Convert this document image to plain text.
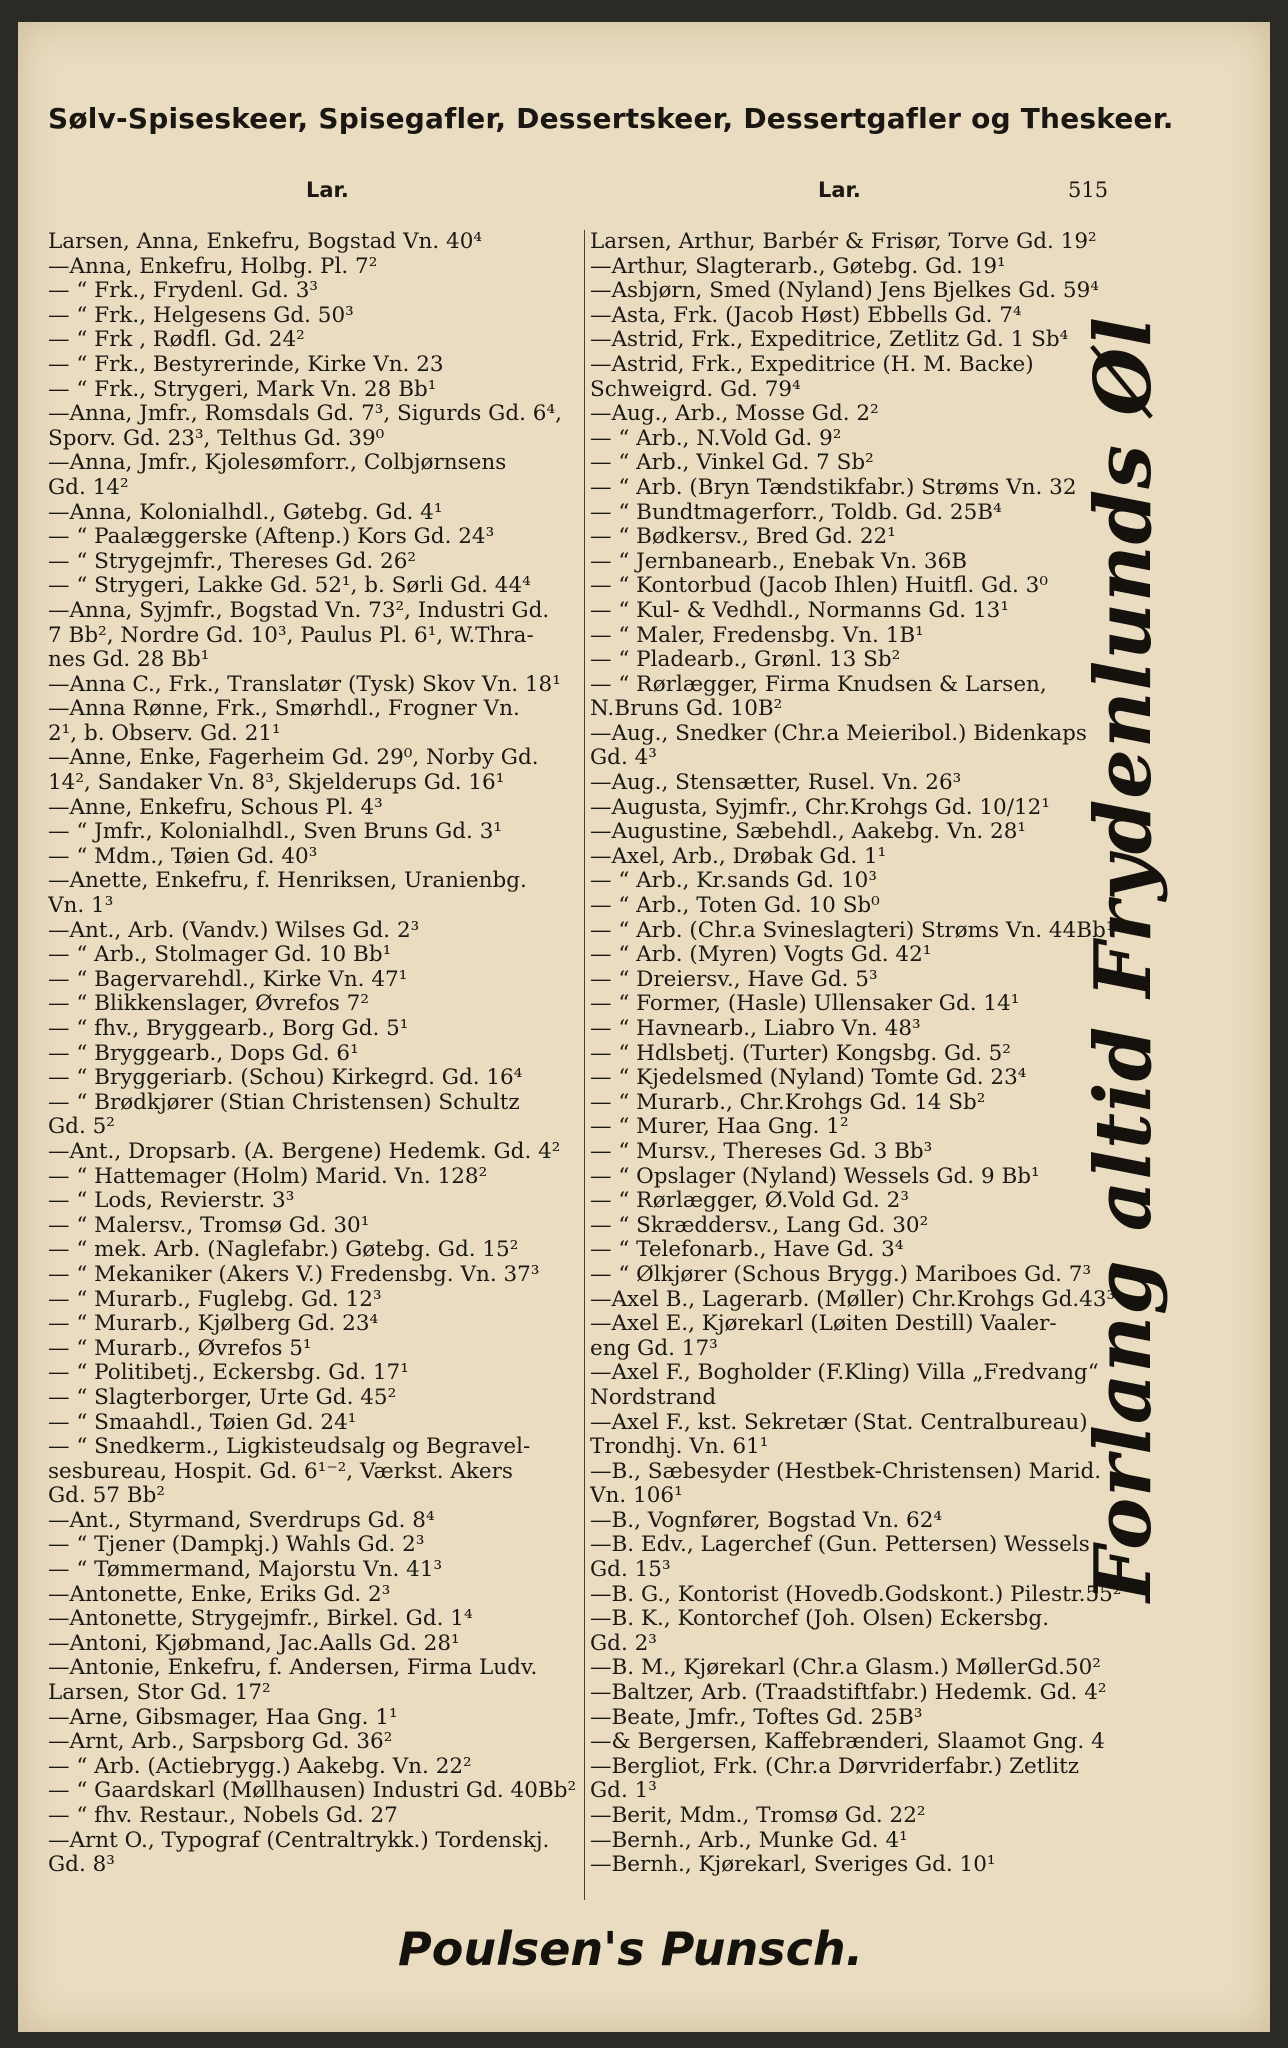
Sølv-Spiseskeer, Spisegafler, Dessertskeer, Dessertgafler og Theskeer.
Lar.	Lar.	515
Larsen, Anna, Enkefru, Bogstad Vn. 40⁴
—Anna, Enkefru, Holbg. Pl. 7²
— “ Frk., Frydenl. Gd. 3³
— “ Frk., Helgesens Gd. 50³
— “ Frk , Rødfl. Gd. 24²
— “ Frk., Bestyrerinde, Kirke Vn. 23
— “ Frk., Strygeri, Mark Vn. 28 Bb¹
—Anna, Jmfr., Romsdals Gd. 7³, Sigurds Gd. 6⁴,
Sporv. Gd. 23³, Telthus Gd. 39⁰
—Anna, Jmfr., Kjolesømforr., Colbjørnsens
Gd. 14²
—Anna, Kolonialhdl., Gøtebg. Gd. 4¹
— “ Paalæggerske (Aftenp.) Kors Gd. 24³
— “ Strygejmfr., Thereses Gd. 26²
— “ Strygeri, Lakke Gd. 52¹, b. Sørli Gd. 44⁴
—Anna, Syjmfr., Bogstad Vn. 73², Industri Gd.
7 Bb², Nordre Gd. 10³, Paulus Pl. 6¹, W.Thra-
nes Gd. 28 Bb¹
—Anna C., Frk., Translatør (Tysk) Skov Vn. 18¹
—Anna Rønne, Frk., Smørhdl., Frogner Vn.
2¹, b. Observ. Gd. 21¹
—Anne, Enke, Fagerheim Gd. 29⁰, Norby Gd.
14², Sandaker Vn. 8³, Skjelderups Gd. 16¹
—Anne, Enkefru, Schous Pl. 4³
— “ Jmfr., Kolonialhdl., Sven Bruns Gd. 3¹
— “ Mdm., Tøien Gd. 40³
—Anette, Enkefru, f. Henriksen, Uranienbg.
Vn. 1³
—Ant., Arb. (Vandv.) Wilses Gd. 2³
— “ Arb., Stolmager Gd. 10 Bb¹
— “ Bagervarehdl., Kirke Vn. 47¹
— “ Blikkenslager, Øvrefos 7²
— “ fhv., Bryggearb., Borg Gd. 5¹
— “ Bryggearb., Dops Gd. 6¹
— “ Bryggeriarb. (Schou) Kirkegrd. Gd. 16⁴
— “ Brødkjører (Stian Christensen) Schultz
Gd. 5²
—Ant., Dropsarb. (A. Bergene) Hedemk. Gd. 4²
— “ Hattemager (Holm) Marid. Vn. 128²
— “ Lods, Revierstr. 3³
— “ Malersv., Tromsø Gd. 30¹
— “ mek. Arb. (Naglefabr.) Gøtebg. Gd. 15²
— “ Mekaniker (Akers V.) Fredensbg. Vn. 37³
— “ Murarb., Fuglebg. Gd. 12³
— “ Murarb., Kjølberg Gd. 23⁴
— “ Murarb., Øvrefos 5¹
— “ Politibetj., Eckersbg. Gd. 17¹
— “ Slagterborger, Urte Gd. 45²
— “ Smaahdl., Tøien Gd. 24¹
— “ Snedkerm., Ligkisteudsalg og Begravel-
sesbureau, Hospit. Gd. 6¹⁻², Værkst. Akers
Gd. 57 Bb²
—Ant., Styrmand, Sverdrups Gd. 8⁴
— “ Tjener (Dampkj.) Wahls Gd. 2³
— “ Tømmermand, Majorstu Vn. 41³
—Antonette, Enke, Eriks Gd. 2³
—Antonette, Strygejmfr., Birkel. Gd. 1⁴
—Antoni, Kjøbmand, Jac.Aalls Gd. 28¹
—Antonie, Enkefru, f. Andersen, Firma Ludv.
Larsen, Stor Gd. 17²
—Arne, Gibsmager, Haa Gng. 1¹
—Arnt, Arb., Sarpsborg Gd. 36²
— “ Arb. (Actiebrygg.) Aakebg. Vn. 22²
— “ Gaardskarl (Møllhausen) Industri Gd. 40Bb²
— “ fhv. Restaur., Nobels Gd. 27
—Arnt O., Typograf (Centraltrykk.) Tordenskj.
Gd. 8³
Larsen, Arthur, Barbér & Frisør, Torve Gd. 19²
—Arthur, Slagterarb., Gøtebg. Gd. 19¹
—Asbjørn, Smed (Nyland) Jens Bjelkes Gd. 59⁴
—Asta, Frk. (Jacob Høst) Ebbells Gd. 7⁴
—Astrid, Frk., Expeditrice, Zetlitz Gd. 1 Sb⁴
—Astrid, Frk., Expeditrice (H. M. Backe)
Schweigrd. Gd. 79⁴
—Aug., Arb., Mosse Gd. 2²
— “ Arb., N.Vold Gd. 9²
— “ Arb., Vinkel Gd. 7 Sb²
— “ Arb. (Bryn Tændstikfabr.) Strøms Vn. 32
— “ Bundtmagerforr., Toldb. Gd. 25B⁴
— “ Bødkersv., Bred Gd. 22¹
— “ Jernbanearb., Enebak Vn. 36B
— “ Kontorbud (Jacob Ihlen) Huitfl. Gd. 3⁰
— “ Kul- & Vedhdl., Normanns Gd. 13¹
— “ Maler, Fredensbg. Vn. 1B¹
— “ Pladearb., Grønl. 13 Sb²
— “ Rørlægger, Firma Knudsen & Larsen,
N.Bruns Gd. 10B²
—Aug., Snedker (Chr.a Meieribol.) Bidenkaps
Gd. 4³
—Aug., Stensætter, Rusel. Vn. 26³
—Augusta, Syjmfr., Chr.Krohgs Gd. 10/12¹
—Augustine, Sæbehdl., Aakebg. Vn. 28¹
—Axel, Arb., Drøbak Gd. 1¹
— “ Arb., Kr.sands Gd. 10³
— “ Arb., Toten Gd. 10 Sb⁰
— “ Arb. (Chr.a Svineslagteri) Strøms Vn. 44Bb¹
— “ Arb. (Myren) Vogts Gd. 42¹
— “ Dreiersv., Have Gd. 5³
— “ Former, (Hasle) Ullensaker Gd. 14¹
— “ Havnearb., Liabro Vn. 48³
— “ Hdlsbetj. (Turter) Kongsbg. Gd. 5²
— “ Kjedelsmed (Nyland) Tomte Gd. 23⁴
— “ Murarb., Chr.Krohgs Gd. 14 Sb²
— “ Murer, Haa Gng. 1²
— “ Mursv., Thereses Gd. 3 Bb³
— “ Opslager (Nyland) Wessels Gd. 9 Bb¹
— “ Rørlægger, Ø.Vold Gd. 2³
— “ Skræddersv., Lang Gd. 30²
— “ Telefonarb., Have Gd. 3⁴
— “ Ølkjører (Schous Brygg.) Mariboes Gd. 7³
—Axel B., Lagerarb. (Møller) Chr.Krohgs Gd.43³
—Axel E., Kjørekarl (Løiten Destill) Vaaler-
eng Gd. 17³
—Axel F., Bogholder (F.Kling) Villa „Fredvang“
Nordstrand
—Axel F., kst. Sekretær (Stat. Centralbureau)
Trondhj. Vn. 61¹
—B., Sæbesyder (Hestbek-Christensen) Marid.
Vn. 106¹
—B., Vognfører, Bogstad Vn. 62⁴
—B. Edv., Lagerchef (Gun. Pettersen) Wessels
Gd. 15³
—B. G., Kontorist (Hovedb.Godskont.) Pilestr.55²
—B. K., Kontorchef (Joh. Olsen) Eckersbg.
Gd. 2³
—B. M., Kjørekarl (Chr.a Glasm.) MøllerGd.50²
—Baltzer, Arb. (Traadstiftfabr.) Hedemk. Gd. 4²
—Beate, Jmfr., Toftes Gd. 25B³
—& Bergersen, Kaffebrænderi, Slaamot Gng. 4
—Bergliot, Frk. (Chr.a Dørvriderfabr.) Zetlitz
Gd. 1³
—Berit, Mdm., Tromsø Gd. 22²
—Bernh., Arb., Munke Gd. 4¹
—Bernh., Kjørekarl, Sveriges Gd. 10¹
Forlang altid Frydenlunds Øl
Poulsen's Punsch.
